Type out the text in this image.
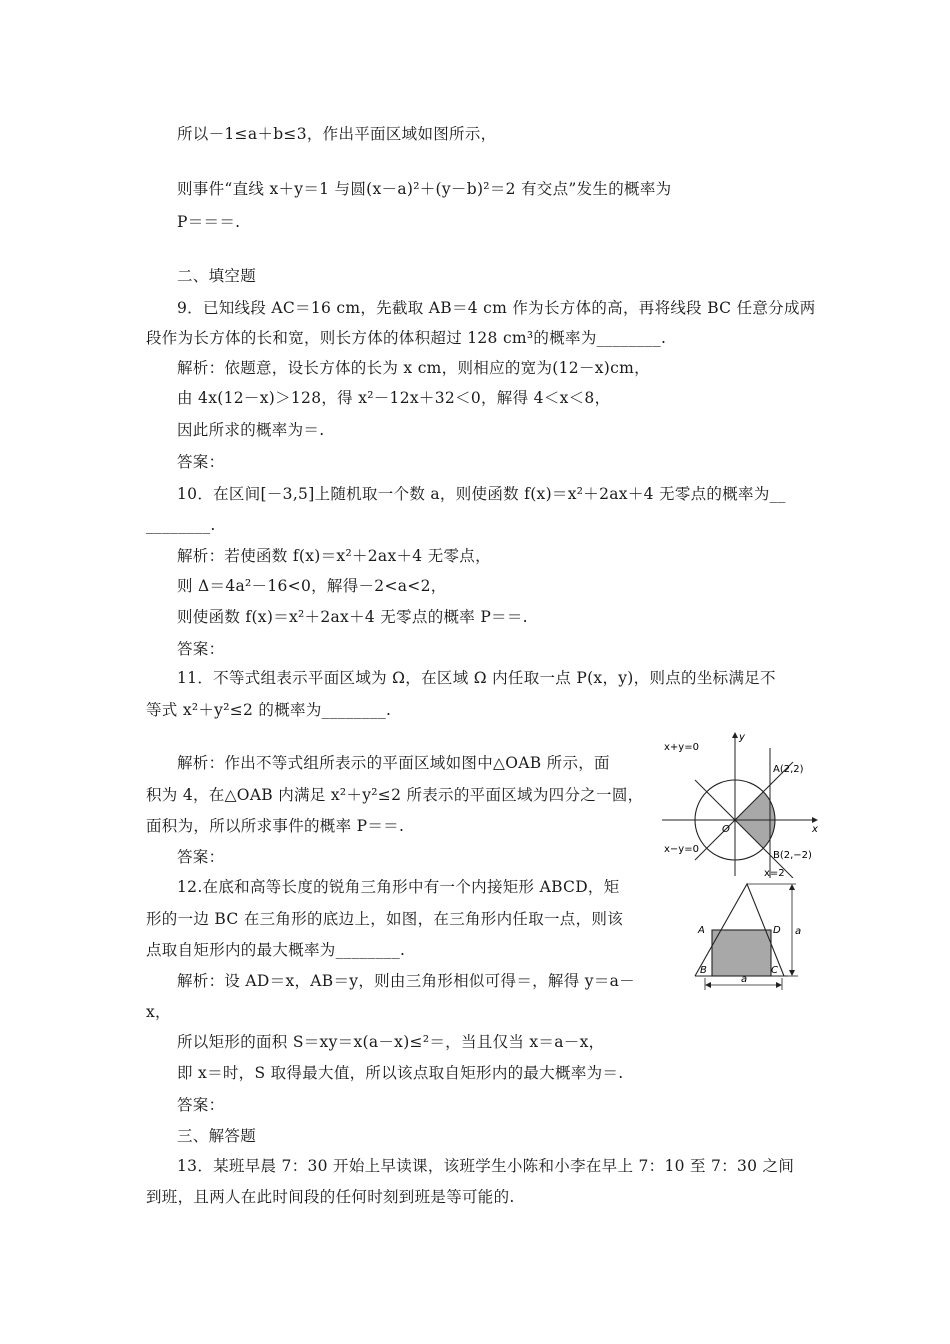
所以－1≤a＋b≤3，作出平面区域如图所示，
则事件“直线 x＋y＝1 与圆(x－a)²＋(y－b)²＝2 有交点”发生的概率为
P＝＝＝.
二、填空题
9．已知线段 AC＝16 cm，先截取 AB＝4 cm 作为长方体的高，再将线段 BC 任意分成两
段作为长方体的长和宽，则长方体的体积超过 128 cm³的概率为________.
解析：依题意，设长方体的长为 x cm，则相应的宽为(12－x)cm，
由 4x(12－x)＞128，得 x²－12x＋32＜0，解得 4＜x＜8，
因此所求的概率为＝.
答案：
10．在区间[－3,5]上随机取一个数 a，则使函数 f(x)＝x²＋2ax＋4 无零点的概率为__
________.
解析：若使函数 f(x)＝x²＋2ax＋4 无零点，
则 Δ＝4a²－16<0，解得－2<a<2，
则使函数 f(x)＝x²＋2ax＋4 无零点的概率 P＝＝.
答案：
11．不等式组表示平面区域为 Ω，在区域 Ω 内任取一点 P(x，y)，则点的坐标满足不
等式 x²＋y²≤2 的概率为________.
解析：作出不等式组所表示的平面区域如图中△OAB 所示，面
积为 4，在△OAB 内满足 x²＋y²≤2 所表示的平面区域为四分之一圆，
面积为，所以所求事件的概率 P＝＝.
答案：
12.在底和高等长度的锐角三角形中有一个内接矩形 ABCD，矩
形的一边 BC 在三角形的底边上，如图，在三角形内任取一点，则该
点取自矩形内的最大概率为________.
解析：设 AD＝x，AB＝y，则由三角形相似可得＝，解得 y＝a－
x，
所以矩形的面积 S＝xy＝x(a－x)≤²＝，当且仅当 x＝a－x，
即 x＝时，S 取得最大值，所以该点取自矩形内的最大概率为＝.
答案：
三、解答题
13．某班早晨 7：30 开始上早读课，该班学生小陈和小李在早上 7：10 至 7：30 之间
到班，且两人在此时间段的任何时刻到班是等可能的.
x+y=0
x−y=0
A(2,2)
B(2,−2)
x=2
O	x
y
A	D
B	C
a
a
